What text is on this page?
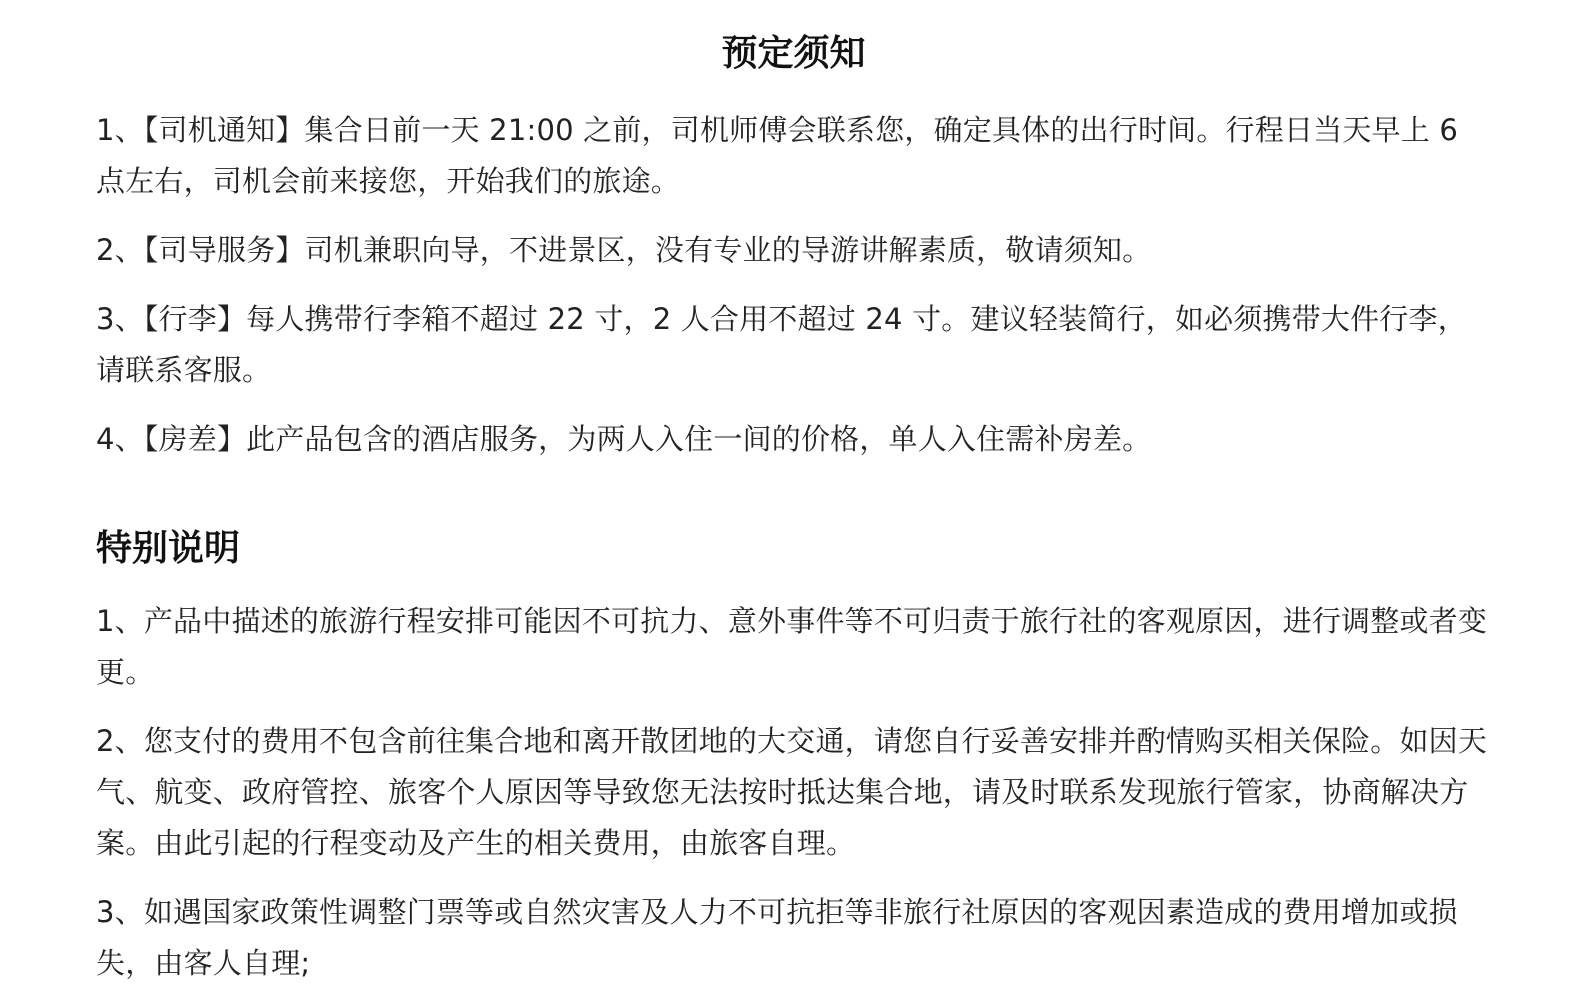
预定须知

1、【司机通知】集合日前一天 21:00 之前，司机师傅会联系您，确定具体的出行时间。行程日当天早上 6 点左右，司机会前来接您，开始我们的旅途。

2、【司导服务】司机兼职向导，不进景区，没有专业的导游讲解素质，敬请须知。

3、【行李】每人携带行李箱不超过 22 寸，2 人合用不超过 24 寸。建议轻装简行，如必须携带大件行李，请联系客服。

4、【房差】此产品包含的酒店服务，为两人入住一间的价格，单人入住需补房差。

特别说明

1、产品中描述的旅游行程安排可能因不可抗力、意外事件等不可归责于旅行社的客观原因，进行调整或者变更。

2、您支付的费用不包含前往集合地和离开散团地的大交通，请您自行妥善安排并酌情购买相关保险。如因天气、航变、政府管控、旅客个人原因等导致您无法按时抵达集合地，请及时联系发现旅行管家，协商解决方案。由此引起的行程变动及产生的相关费用，由旅客自理。

3、如遇国家政策性调整门票等或自然灾害及人力不可抗拒等非旅行社原因的客观因素造成的费用增加或损失，由客人自理;
